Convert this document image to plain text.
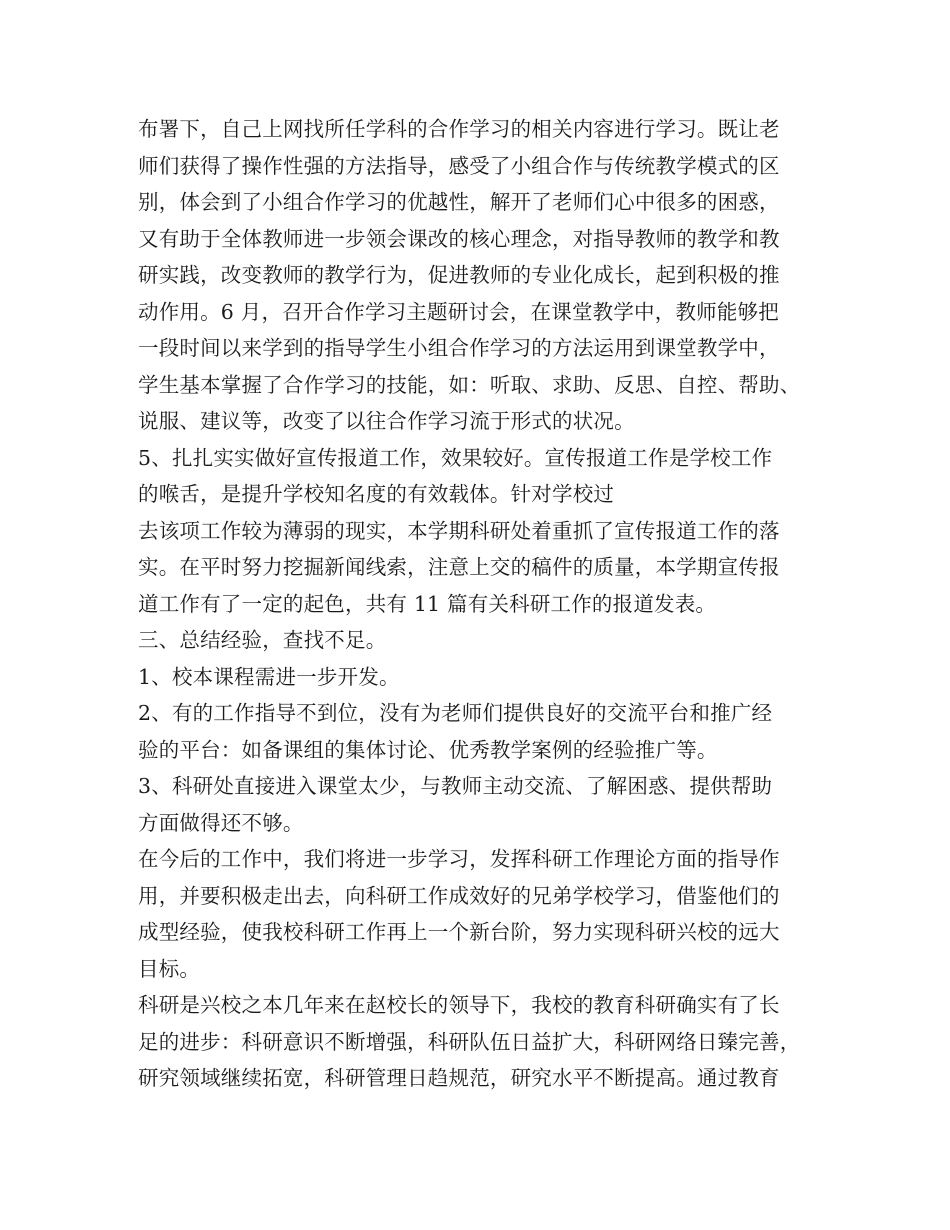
布署下，自己上网找所任学科的合作学习的相关内容进行学习。既让老
师们获得了操作性强的方法指导，感受了小组合作与传统教学模式的区
别，体会到了小组合作学习的优越性，解开了老师们心中很多的困惑，
又有助于全体教师进一步领会课改的核心理念，对指导教师的教学和教
研实践，改变教师的教学行为，促进教师的专业化成长，起到积极的推
动作用。6 月，召开合作学习主题研讨会，在课堂教学中，教师能够把
一段时间以来学到的指导学生小组合作学习的方法运用到课堂教学中，
学生基本掌握了合作学习的技能，如：听取、求助、反思、自控、帮助、
说服、建议等，改变了以往合作学习流于形式的状况。
5、扎扎实实做好宣传报道工作，效果较好。宣传报道工作是学校工作
的喉舌，是提升学校知名度的有效载体。针对学校过
去该项工作较为薄弱的现实，本学期科研处着重抓了宣传报道工作的落
实。在平时努力挖掘新闻线索，注意上交的稿件的质量，本学期宣传报
道工作有了一定的起色，共有 11 篇有关科研工作的报道发表。
三、总结经验，查找不足。
1、校本课程需进一步开发。
2、有的工作指导不到位，没有为老师们提供良好的交流平台和推广经
验的平台：如备课组的集体讨论、优秀教学案例的经验推广等。
3、科研处直接进入课堂太少，与教师主动交流、了解困惑、提供帮助
方面做得还不够。
在今后的工作中，我们将进一步学习，发挥科研工作理论方面的指导作
用，并要积极走出去，向科研工作成效好的兄弟学校学习，借鉴他们的
成型经验，使我校科研工作再上一个新台阶，努力实现科研兴校的远大
目标。
科研是兴校之本几年来在赵校长的领导下，我校的教育科研确实有了长
足的进步：科研意识不断增强，科研队伍日益扩大，科研网络日臻完善，
研究领域继续拓宽，科研管理日趋规范，研究水平不断提高。通过教育
